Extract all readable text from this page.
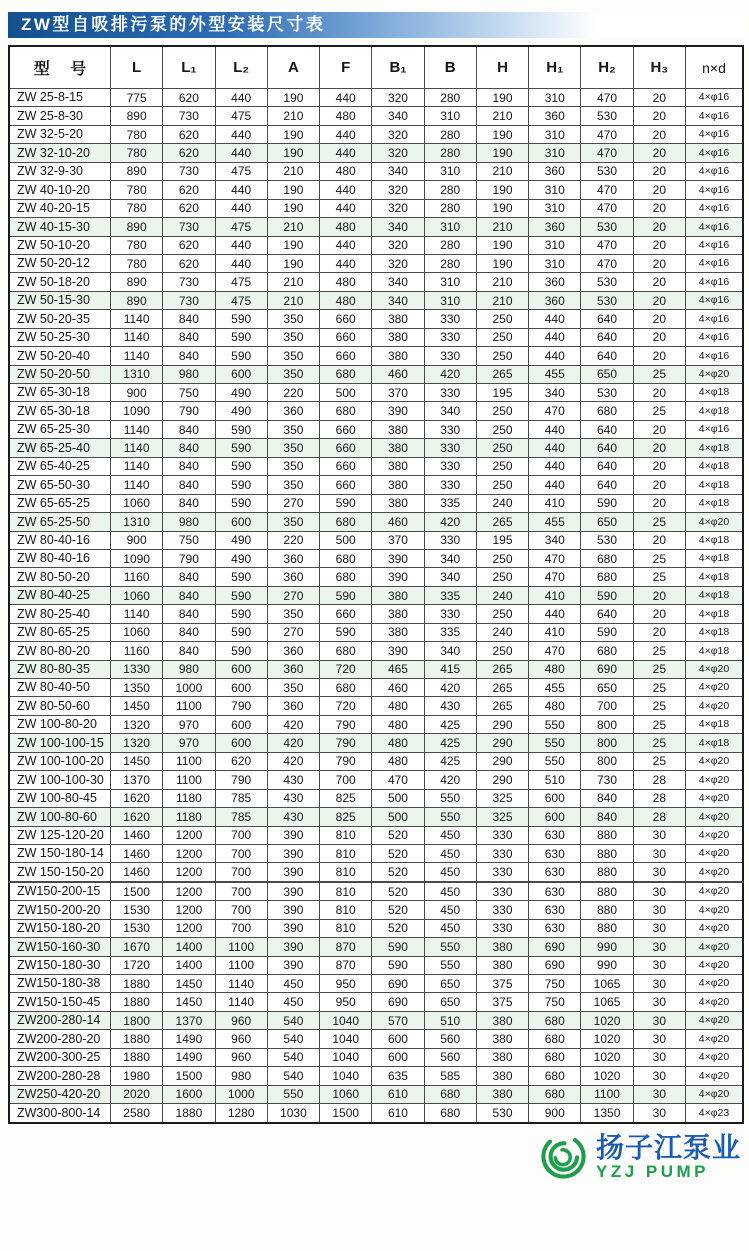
ZW型自吸排污泵的外型安装尺寸表
型 号	L	L₁	L₂	A	F	B₁	B	H	H₁	H₂	H₃	n×d
ZW 25-8-15	775	620	440	190	440	320	280	190	310	470	20	4×φ16
ZW 25-8-30	890	730	475	210	480	340	310	210	360	530	20	4×φ16
ZW 32-5-20	780	620	440	190	440	320	280	190	310	470	20	4×φ16
ZW 32-10-20	780	620	440	190	440	320	280	190	310	470	20	4×φ16
ZW 32-9-30	890	730	475	210	480	340	310	210	360	530	20	4×φ16
ZW 40-10-20	780	620	440	190	440	320	280	190	310	470	20	4×φ16
ZW 40-20-15	780	620	440	190	440	320	280	190	310	470	20	4×φ16
ZW 40-15-30	890	730	475	210	480	340	310	210	360	530	20	4×φ16
ZW 50-10-20	780	620	440	190	440	320	280	190	310	470	20	4×φ16
ZW 50-20-12	780	620	440	190	440	320	280	190	310	470	20	4×φ16
ZW 50-18-20	890	730	475	210	480	340	310	210	360	530	20	4×φ16
ZW 50-15-30	890	730	475	210	480	340	310	210	360	530	20	4×φ16
ZW 50-20-35	1140	840	590	350	660	380	330	250	440	640	20	4×φ16
ZW 50-25-30	1140	840	590	350	660	380	330	250	440	640	20	4×φ16
ZW 50-20-40	1140	840	590	350	660	380	330	250	440	640	20	4×φ16
ZW 50-20-50	1310	980	600	350	680	460	420	265	455	650	25	4×φ20
ZW 65-30-18	900	750	490	220	500	370	330	195	340	530	20	4×φ18
ZW 65-30-18	1090	790	490	360	680	390	340	250	470	680	25	4×φ18
ZW 65-25-30	1140	840	590	350	660	380	330	250	440	640	20	4×φ16
ZW 65-25-40	1140	840	590	350	660	380	330	250	440	640	20	4×φ18
ZW 65-40-25	1140	840	590	350	660	380	330	250	440	640	20	4×φ18
ZW 65-50-30	1140	840	590	350	660	380	330	250	440	640	20	4×φ18
ZW 65-65-25	1060	840	590	270	590	380	335	240	410	590	20	4×φ18
ZW 65-25-50	1310	980	600	350	680	460	420	265	455	650	25	4×φ20
ZW 80-40-16	900	750	490	220	500	370	330	195	340	530	20	4×φ18
ZW 80-40-16	1090	790	490	360	680	390	340	250	470	680	25	4×φ18
ZW 80-50-20	1160	840	590	360	680	390	340	250	470	680	25	4×φ18
ZW 80-40-25	1060	840	590	270	590	380	335	240	410	590	20	4×φ18
ZW 80-25-40	1140	840	590	350	660	380	330	250	440	640	20	4×φ18
ZW 80-65-25	1060	840	590	270	590	380	335	240	410	590	20	4×φ18
ZW 80-80-20	1160	840	590	360	680	390	340	250	470	680	25	4×φ18
ZW 80-80-35	1330	980	600	360	720	465	415	265	480	690	25	4×φ20
ZW 80-40-50	1350	1000	600	350	680	460	420	265	455	650	25	4×φ20
ZW 80-50-60	1450	1100	790	360	720	480	430	265	480	700	25	4×φ20
ZW 100-80-20	1320	970	600	420	790	480	425	290	550	800	25	4×φ18
ZW 100-100-15	1320	970	600	420	790	480	425	290	550	800	25	4×φ18
ZW 100-100-20	1450	1100	620	420	790	480	425	290	550	800	25	4×φ20
ZW 100-100-30	1370	1100	790	430	700	470	420	290	510	730	28	4×φ20
ZW 100-80-45	1620	1180	785	430	825	500	550	325	600	840	28	4×φ20
ZW 100-80-60	1620	1180	785	430	825	500	550	325	600	840	28	4×φ20
ZW 125-120-20	1460	1200	700	390	810	520	450	330	630	880	30	4×φ20
ZW 150-180-14	1460	1200	700	390	810	520	450	330	630	880	30	4×φ20
ZW 150-150-20	1460	1200	700	390	810	520	450	330	630	880	30	4×φ20
ZW150-200-15	1500	1200	700	390	810	520	450	330	630	880	30	4×φ20
ZW150-200-20	1530	1200	700	390	810	520	450	330	630	880	30	4×φ20
ZW150-180-20	1530	1200	700	390	810	520	450	330	630	880	30	4×φ20
ZW150-160-30	1670	1400	1100	390	870	590	550	380	690	990	30	4×φ20
ZW150-180-30	1720	1400	1100	390	870	590	550	380	690	990	30	4×φ20
ZW150-180-38	1880	1450	1140	450	950	690	650	375	750	1065	30	4×φ20
ZW150-150-45	1880	1450	1140	450	950	690	650	375	750	1065	30	4×φ20
ZW200-280-14	1800	1370	960	540	1040	570	510	380	680	1020	30	4×φ20
ZW200-280-20	1880	1490	960	540	1040	600	560	380	680	1020	30	4×φ20
ZW200-300-25	1880	1490	960	540	1040	600	560	380	680	1020	30	4×φ20
ZW200-280-28	1980	1500	980	540	1040	635	585	380	680	1020	30	4×φ20
ZW250-420-20	2020	1600	1000	550	1060	610	680	380	680	1100	30	4×φ20
ZW300-800-14	2580	1880	1280	1030	1500	610	680	530	900	1350	30	4×φ23
扬子江泵业
YZJ PUMP
